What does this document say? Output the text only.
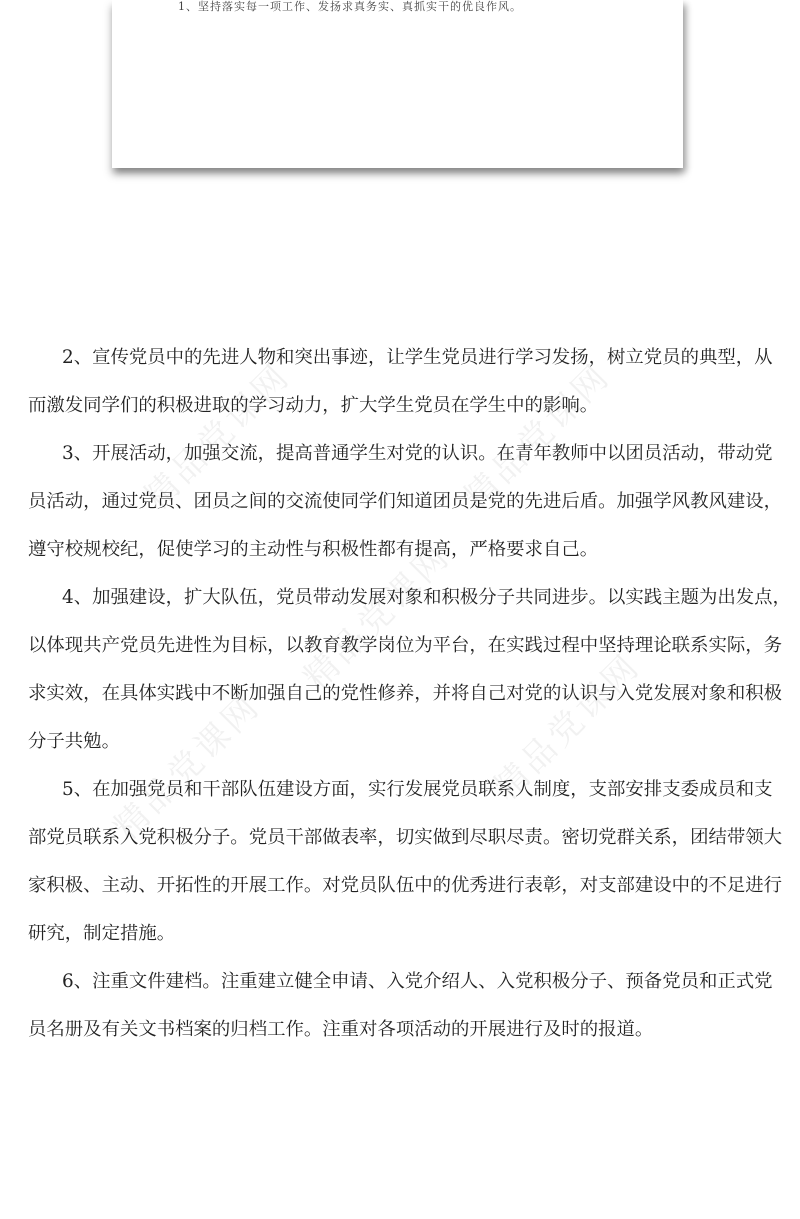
1、坚持落实每一项工作、发扬求真务实、真抓实干的优良作风。
精品党课网	精品党课网
精品党课网
精品党课网	精品党课网
2、宣传党员中的先进人物和突出事迹，让学生党员进行学习发扬，树立党员的典型，从
而激发同学们的积极进取的学习动力，扩大学生党员在学生中的影响。
3、开展活动，加强交流，提高普通学生对党的认识。在青年教师中以团员活动，带动党
员活动，通过党员、团员之间的交流使同学们知道团员是党的先进后盾。加强学风教风建设，
遵守校规校纪，促使学习的主动性与积极性都有提高，严格要求自己。
4、加强建设，扩大队伍，党员带动发展对象和积极分子共同进步。以实践主题为出发点，
以体现共产党员先进性为目标，以教育教学岗位为平台，在实践过程中坚持理论联系实际，务
求实效，在具体实践中不断加强自己的党性修养，并将自己对党的认识与入党发展对象和积极
分子共勉。
5、在加强党员和干部队伍建设方面，实行发展党员联系人制度，支部安排支委成员和支
部党员联系入党积极分子。党员干部做表率，切实做到尽职尽责。密切党群关系，团结带领大
家积极、主动、开拓性的开展工作。对党员队伍中的优秀进行表彰，对支部建设中的不足进行
研究，制定措施。
6、注重文件建档。注重建立健全申请、入党介绍人、入党积极分子、预备党员和正式党
员名册及有关文书档案的归档工作。注重对各项活动的开展进行及时的报道。
